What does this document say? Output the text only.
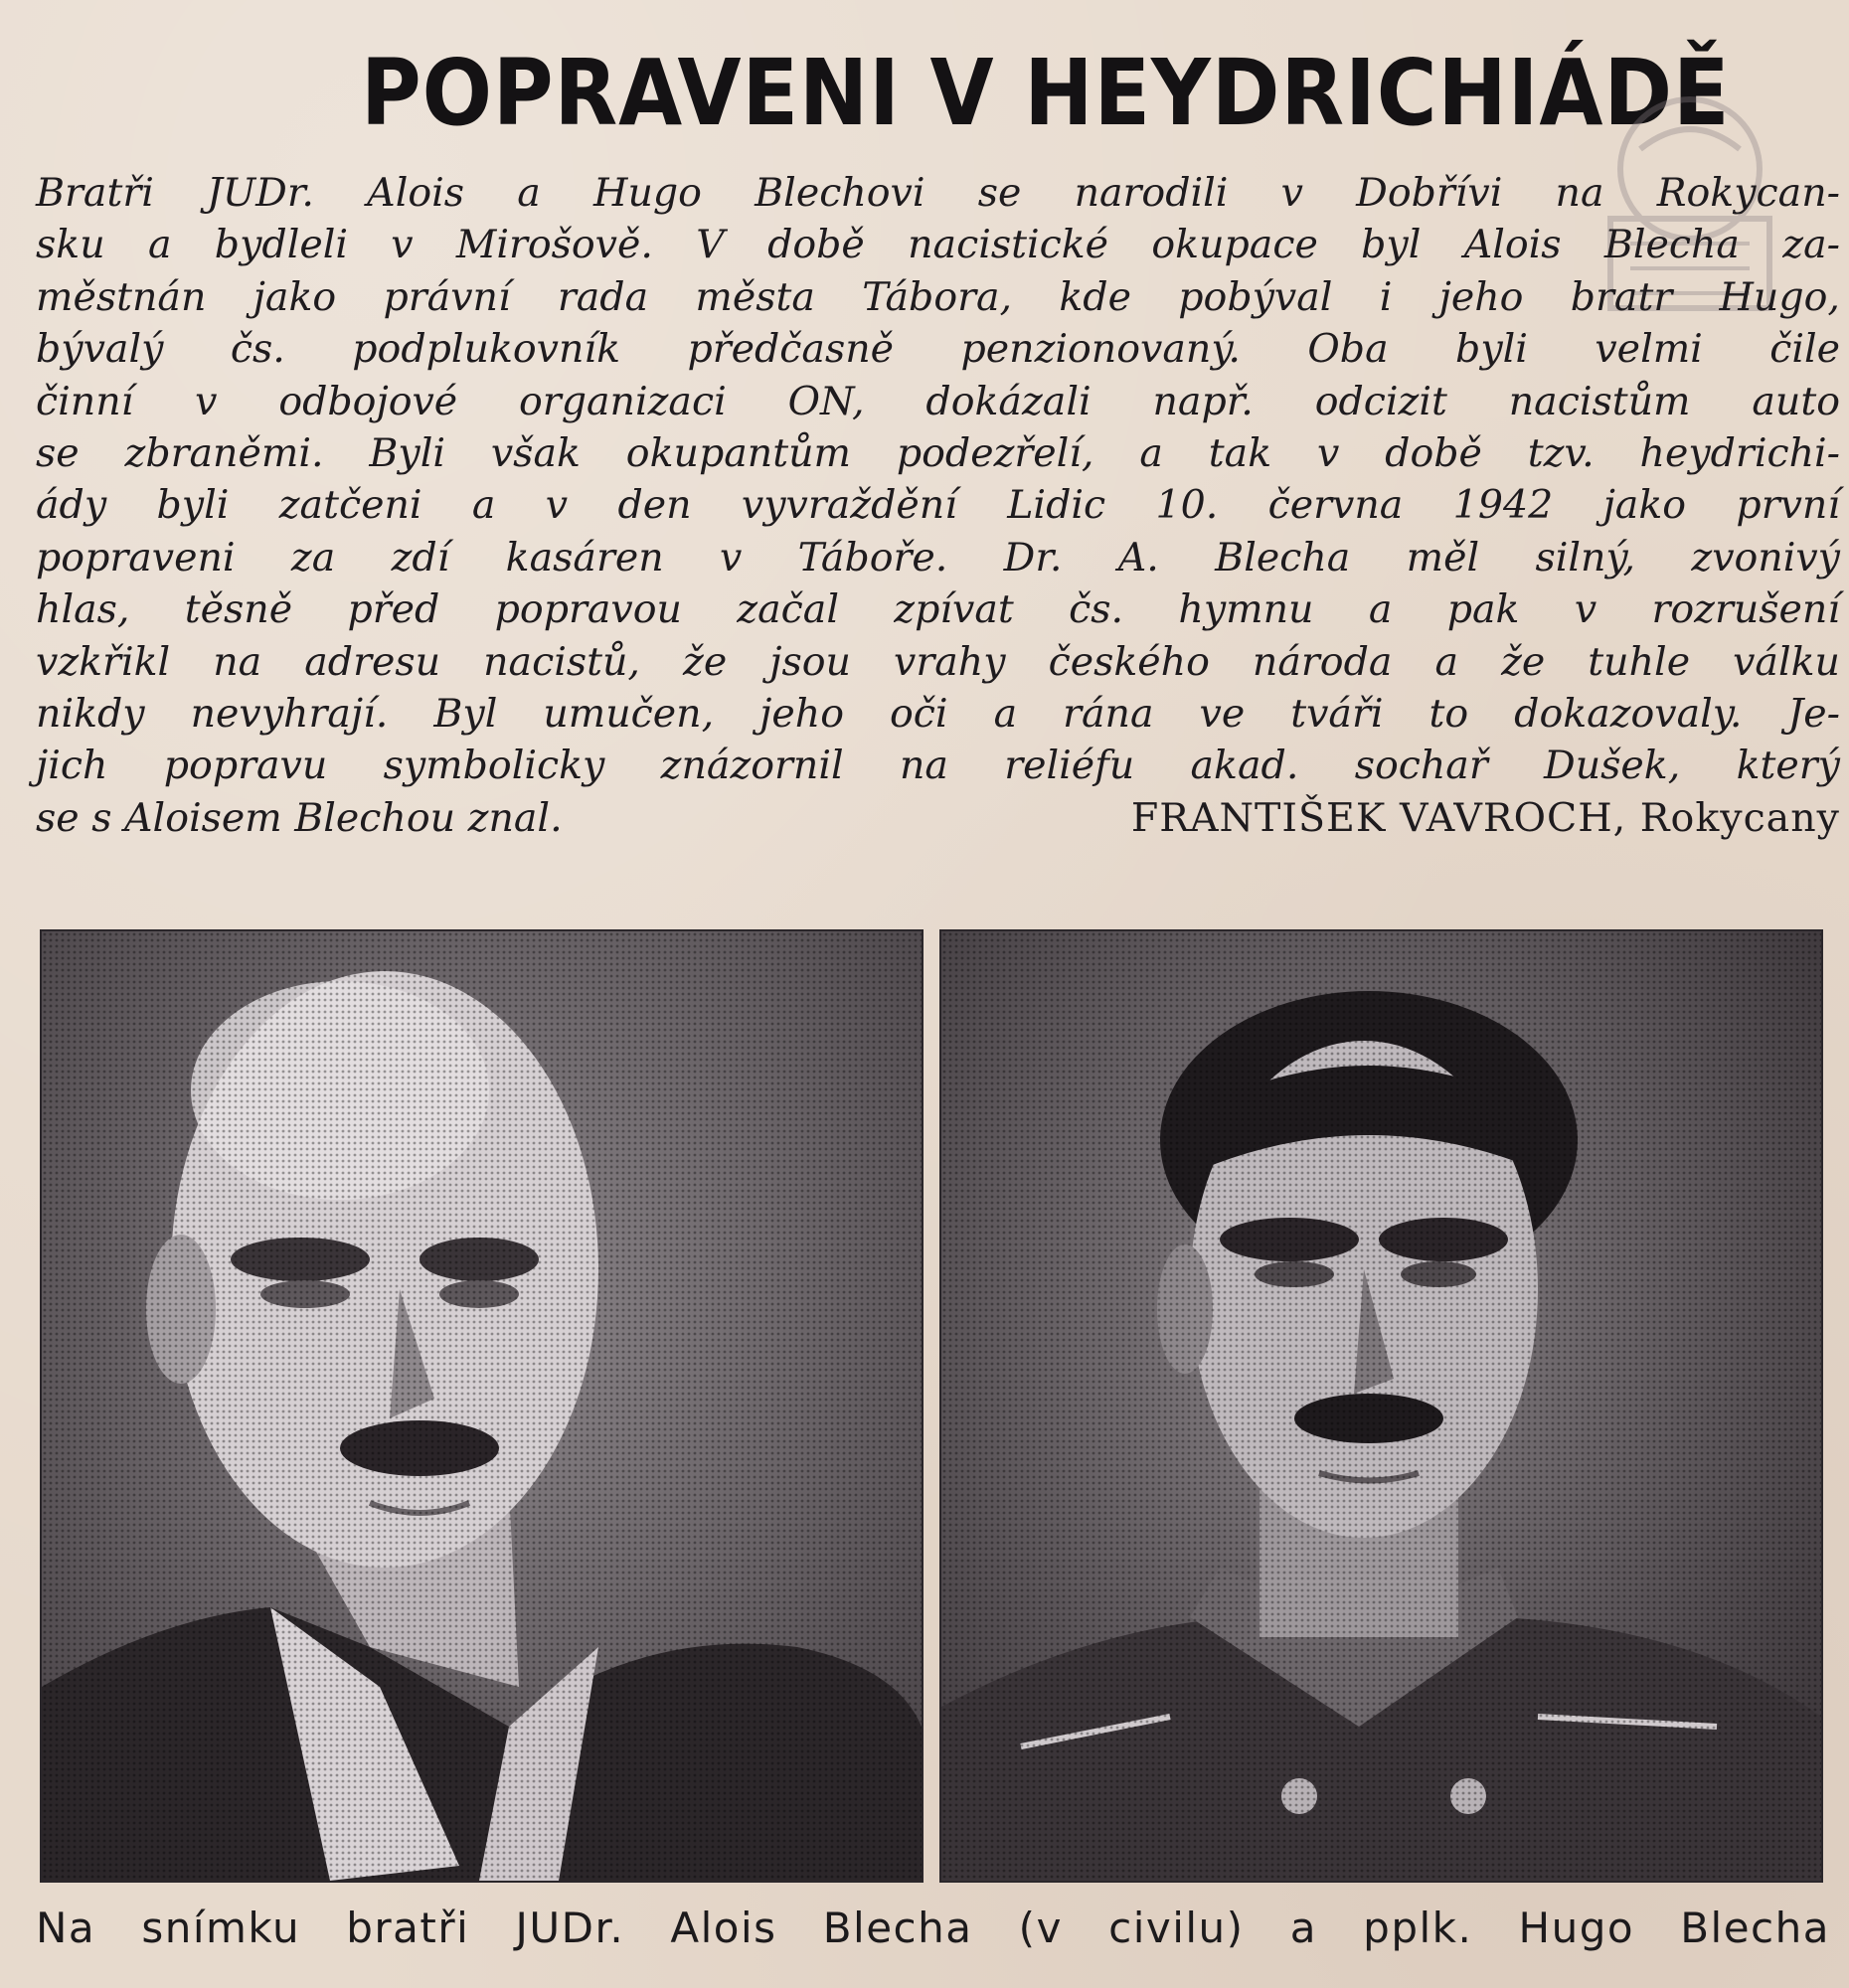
POPRAVENI V HEYDRICHIÁDĚ
Bratři JUDr. Alois a Hugo Blechovi se narodili v Dobřívi na Rokycan-
sku a bydleli v Mirošově. V době nacistické okupace byl Alois Blecha za-
městnán jako právní rada města Tábora, kde pobýval i jeho bratr Hugo,
bývalý čs. podplukovník předčasně penzionovaný. Oba byli velmi čile
činní v odbojové organizaci ON, dokázali např. odcizit nacistům auto
se zbraněmi. Byli však okupantům podezřelí, a tak v době tzv. heydrichi-
ády byli zatčeni a v den vyvraždění Lidic 10. června 1942 jako první
popraveni za zdí kasáren v Táboře. Dr. A. Blecha měl silný, zvonivý
hlas, těsně před popravou začal zpívat čs. hymnu a pak v rozrušení
vzkřikl na adresu nacistů, že jsou vrahy českého národa a že tuhle válku
nikdy nevyhrají. Byl umučen, jeho oči a rána ve tváři to dokazovaly. Je-
jich popravu symbolicky znázornil na reliéfu akad. sochař Dušek, který
se s Aloisem Blechou znal.	FRANTIŠEK VAVROCH, Rokycany
Na snímku bratři JUDr. Alois Blecha (v civilu) a pplk. Hugo Blecha
